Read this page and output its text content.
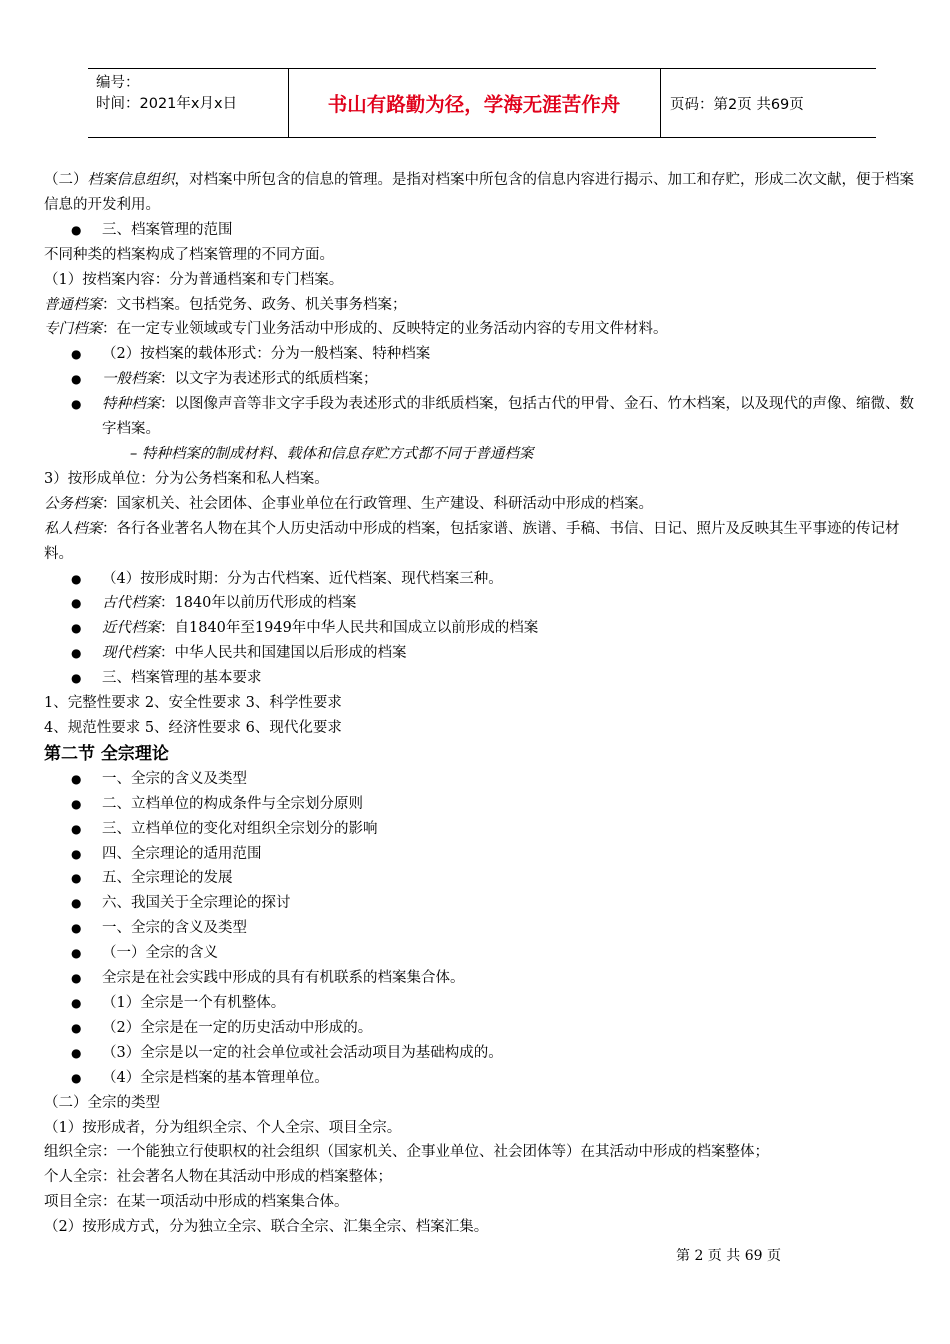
编号：
时间：2021年x月x日	书山有路勤为径，学海无涯苦作舟	页码：第2页 共69页
（二）档案信息组织，对档案中所包含的信息的管理。是指对档案中所包含的信息内容进行揭示、加工和存贮，形成二次文献，便于档案信息的开发利用。
● 三、档案管理的范围
不同种类的档案构成了档案管理的不同方面。
（1）按档案内容：分为普通档案和专门档案。
普通档案：文书档案。包括党务、政务、机关事务档案；
专门档案：在一定专业领域或专门业务活动中形成的、反映特定的业务活动内容的专用文件材料。
● （2）按档案的载体形式：分为一般档案、特种档案
● 一般档案：以文字为表述形式的纸质档案；
● 特种档案：以图像声音等非文字手段为表述形式的非纸质档案，包括古代的甲骨、金石、竹木档案，以及现代的声像、缩微、数字档案。
– 特种档案的制成材料、载体和信息存贮方式都不同于普通档案
3）按形成单位：分为公务档案和私人档案。
公务档案：国家机关、社会团体、企事业单位在行政管理、生产建设、科研活动中形成的档案。
私人档案：各行各业著名人物在其个人历史活动中形成的档案，包括家谱、族谱、手稿、书信、日记、照片及反映其生平事迹的传记材料。
● （4）按形成时期：分为古代档案、近代档案、现代档案三种。
● 古代档案：1840年以前历代形成的档案
● 近代档案：自1840年至1949年中华人民共和国成立以前形成的档案
● 现代档案：中华人民共和国建国以后形成的档案
● 三、档案管理的基本要求
1、完整性要求 2、安全性要求 3、科学性要求
4、规范性要求 5、经济性要求 6、现代化要求
第二节 全宗理论
● 一、全宗的含义及类型
● 二、立档单位的构成条件与全宗划分原则
● 三、立档单位的变化对组织全宗划分的影响
● 四、全宗理论的适用范围
● 五、全宗理论的发展
● 六、我国关于全宗理论的探讨
● 一、全宗的含义及类型
● （一）全宗的含义
● 全宗是在社会实践中形成的具有有机联系的档案集合体。
● （1）全宗是一个有机整体。
● （2）全宗是在一定的历史活动中形成的。
● （3）全宗是以一定的社会单位或社会活动项目为基础构成的。
● （4）全宗是档案的基本管理单位。
（二）全宗的类型
（1）按形成者，分为组织全宗、个人全宗、项目全宗。
组织全宗：一个能独立行使职权的社会组织（国家机关、企事业单位、社会团体等）在其活动中形成的档案整体；
个人全宗：社会著名人物在其活动中形成的档案整体；
项目全宗：在某一项活动中形成的档案集合体。
（2）按形成方式，分为独立全宗、联合全宗、汇集全宗、档案汇集。
第 2 页 共 69 页
